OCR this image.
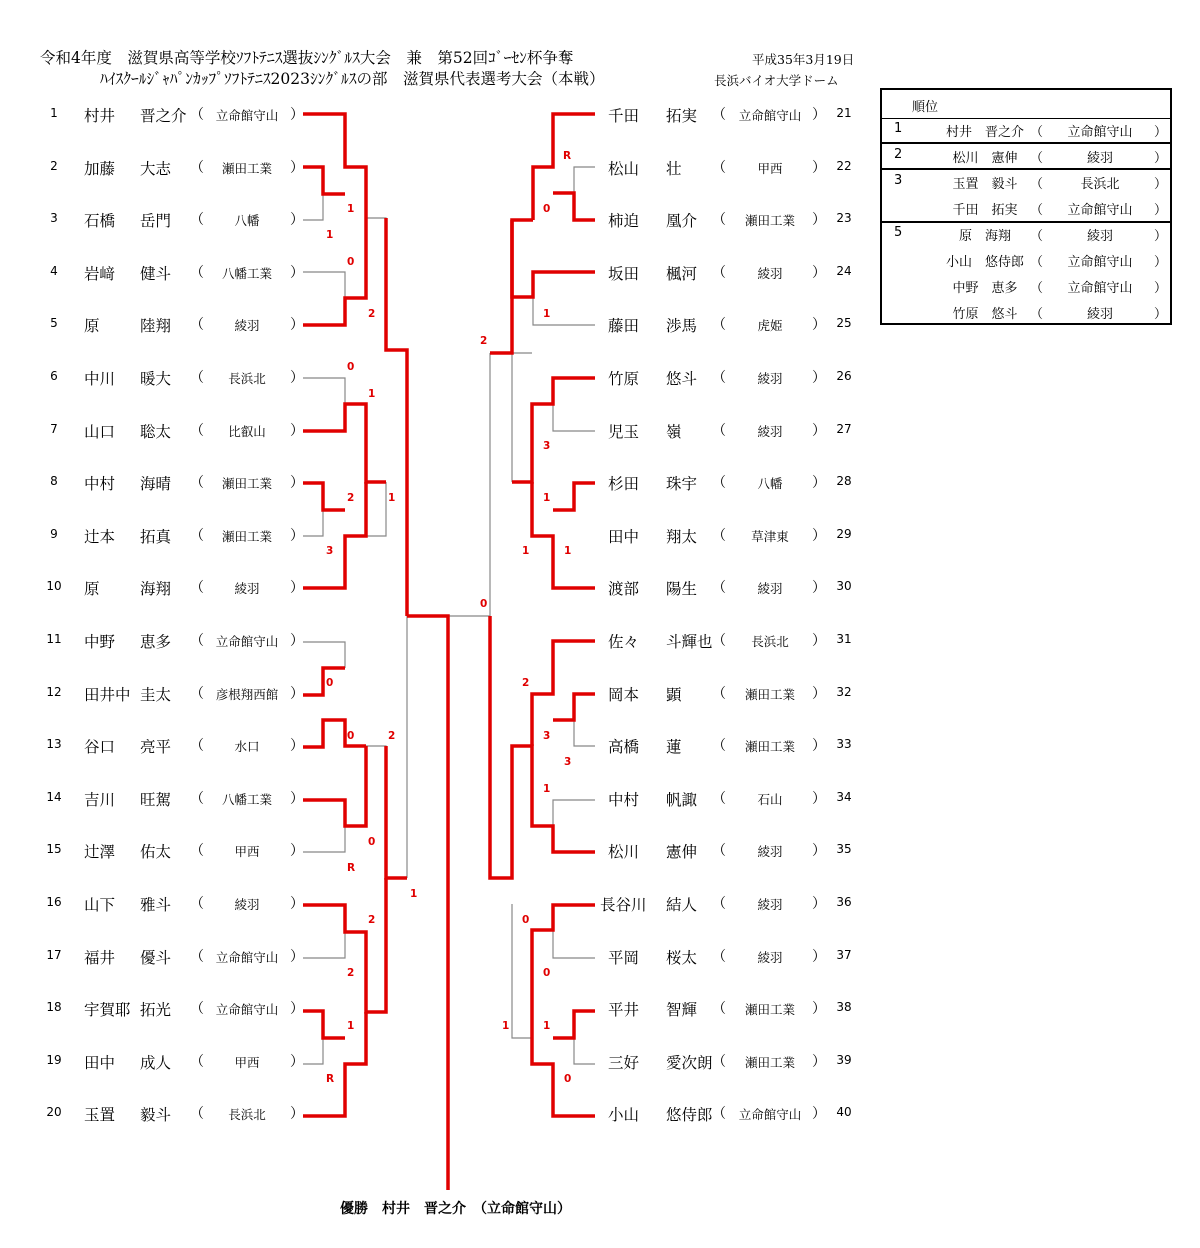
令和4年度　滋賀県高等学校ｿﾌﾄﾃﾆｽ選抜ｼﾝｸﾞﾙｽ大会　兼　第52回ｺﾞｰｾﾝ杯争奪
ﾊｲｽｸｰﾙｼﾞｬﾊﾟﾝｶｯﾌﾟｿﾌﾄﾃﾆｽ2023ｼﾝｸﾞﾙｽの部　滋賀県代表選考大会（本戦）
平成35年3月19日
長浜バイオ大学ドーム
1	村井 晋之介 （ 立命館守山 ）
2	加藤 大志 （	瀬田工業	）
3	石橋 岳門 （	八幡	）
4	岩﨑 健斗 （	八幡工業	）
5	原	陸翔 （	綾羽	）
6	中川 暖大 （	長浜北	）
7	山口 聡太 （	比叡山	）
8	中村 海晴 （	瀬田工業	）
9	辻本 拓真 （	瀬田工業	）
10	原	海翔 （	綾羽	）
11	中野 恵多 （ 立命館守山 ）
12	田井中 圭太 （ 彦根翔西館 ）
13	谷口 亮平 （	水口	）
14	吉川 旺駕 （	八幡工業	）
15	辻澤 佑太 （	甲西	）
16	山下 雅斗 （	綾羽	）
17	福井 優斗 （ 立命館守山 ）
18	宇賀耶 拓光 （ 立命館守山 ）
19	田中 成人 （	甲西	）
20	玉置 毅斗 （	長浜北	）
千田 拓実 （	立命館守山 ） 21
松山 壮 （	甲西	） 22
柿迫 凰介 （	瀬田工業	） 23
坂田 楓河 （	綾羽	） 24
藤田 渉馬 （	虎姫	） 25
竹原 悠斗 （	綾羽	） 26
児玉 嶺 （	綾羽	） 27
杉田 珠宇 （	八幡	） 28
田中 翔太 （	草津東	） 29
渡部 陽生 （	綾羽	） 30
佐々 斗輝也 （	長浜北	） 31
岡本 顕 （	瀬田工業	） 32
高橋 蓮 （	瀬田工業	） 33
中村 帆諏 （	石山	） 34
松川 憲伸 （	綾羽	） 35
長谷川 結人 （	綾羽	） 36
平岡 桜太 （	綾羽	） 37
平井 智輝 （	瀬田工業	） 38
三好 愛次朗 （	瀬田工業	） 39
小山 悠侍郎 （	立命館守山 ） 40
1
1
0
2
0
1
2
3
1
0
0	2
0
R
2
2
1
R
1
R
0
1
2
3
1
1	1
0
2
3
3
1
0
0
1	1
0
順位
1	村井　晋之介 （	立命館守山	）
2	松川　憲伸 （	綾羽	）
3	玉置　毅斗 （	長浜北	）
千田　拓実 （	立命館守山	）
5	原　海翔	（	綾羽	）
小山　悠侍郎 （	立命館守山	）
中野　恵多 （	立命館守山	）
竹原　悠斗 （	綾羽	）
優勝　村井　晋之介　（立命館守山）
